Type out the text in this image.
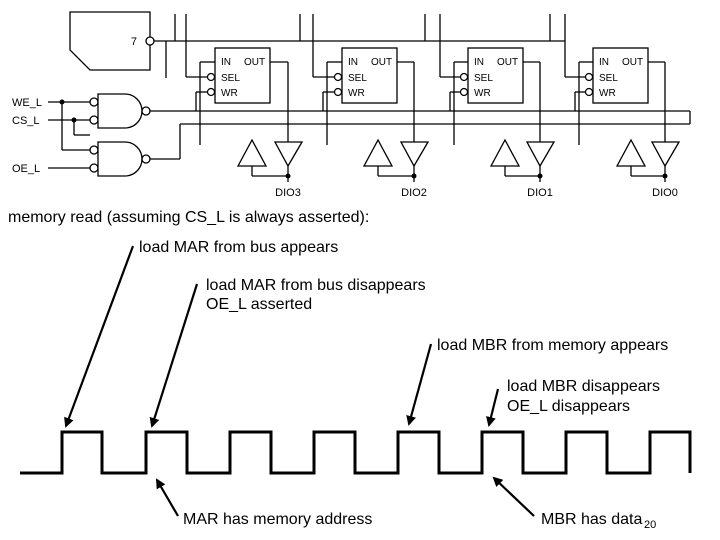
7
WE_L
CS_L
OE_L
IN OUT
SEL
WR
IN OUT
SEL
WR
IN OUT
SEL
WR
IN OUT
SEL
WR
DIO3	DIO2	DIO1	DIO0
memory read (assuming CS_L is always asserted):
load MAR from bus appears
load MAR from bus disappears
OE_L asserted
load MBR from memory appears
load MBR disappears
OE_L disappears
MAR has memory address	MBR has data 20
